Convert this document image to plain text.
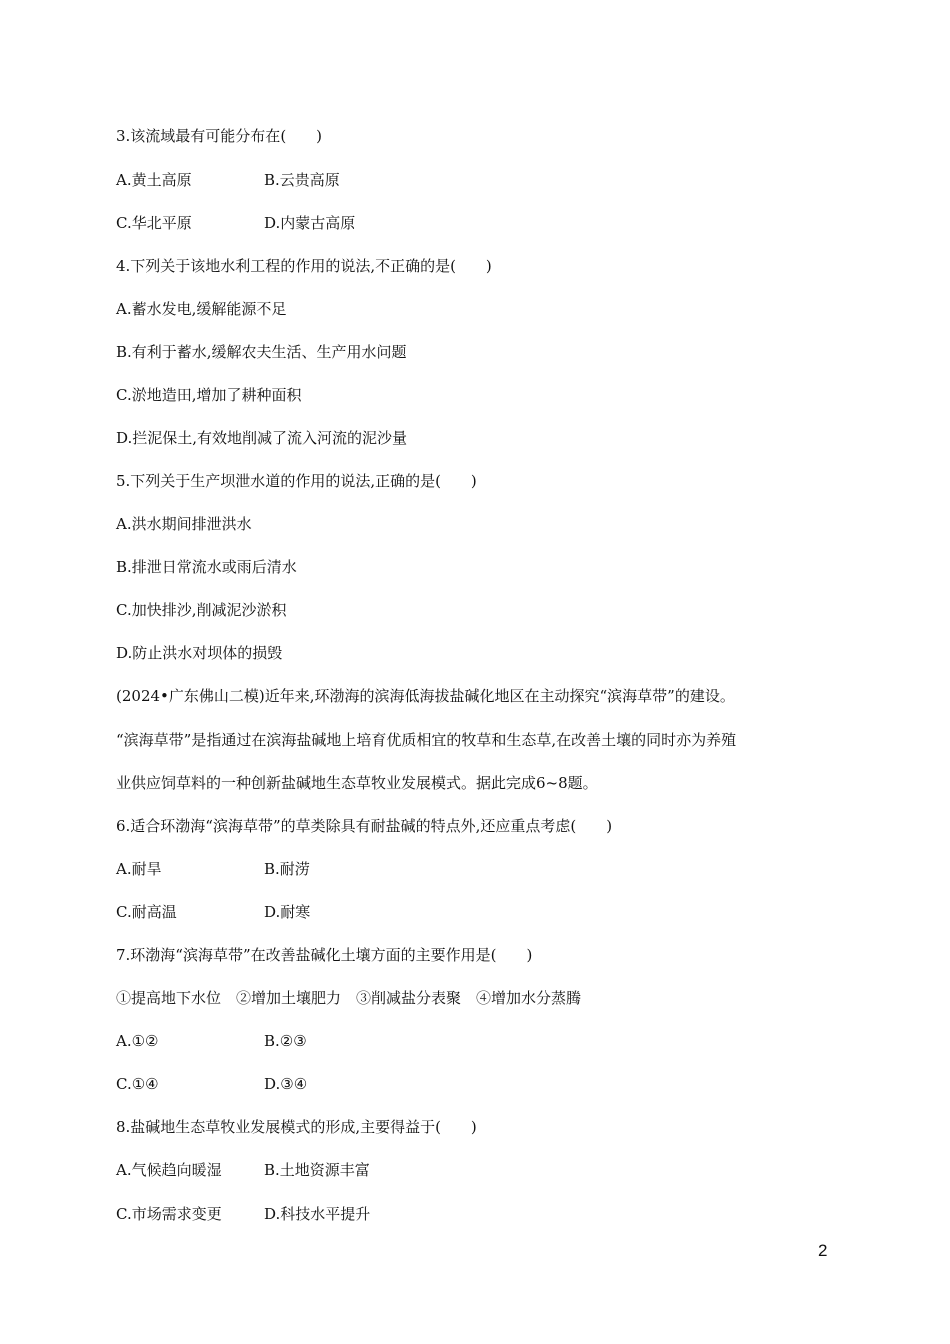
3.该流域最有可能分布在(　　)
A.黄土高原	B.云贵高原
C.华北平原	D.内蒙古高原
4.下列关于该地水利工程的作用的说法,不正确的是(　　)
A.蓄水发电,缓解能源不足
B.有利于蓄水,缓解农夫生活、生产用水问题
C.淤地造田,增加了耕种面积
D.拦泥保土,有效地削减了流入河流的泥沙量
5.下列关于生产坝泄水道的作用的说法,正确的是(　　)
A.洪水期间排泄洪水
B.排泄日常流水或雨后清水
C.加快排沙,削减泥沙淤积
D.防止洪水对坝体的损毁
(2024•广东佛山二模)近年来,环渤海的滨海低海拔盐碱化地区在主动探究“滨海草带”的建设。
“滨海草带”是指通过在滨海盐碱地上培育优质相宜的牧草和生态草,在改善土壤的同时亦为养殖
业供应饲草料的一种创新盐碱地生态草牧业发展模式。据此完成6~8题。
6.适合环渤海“滨海草带”的草类除具有耐盐碱的特点外,还应重点考虑(　　)
A.耐旱	B.耐涝
C.耐高温	D.耐寒
7.环渤海“滨海草带”在改善盐碱化土壤方面的主要作用是(　　)
①提高地下水位　②增加土壤肥力　③削减盐分表聚　④增加水分蒸腾
A.①②	B.②③
C.①④	D.③④
8.盐碱地生态草牧业发展模式的形成,主要得益于(　　)
A.气候趋向暖湿	B.土地资源丰富
C.市场需求变更	D.科技水平提升
2
